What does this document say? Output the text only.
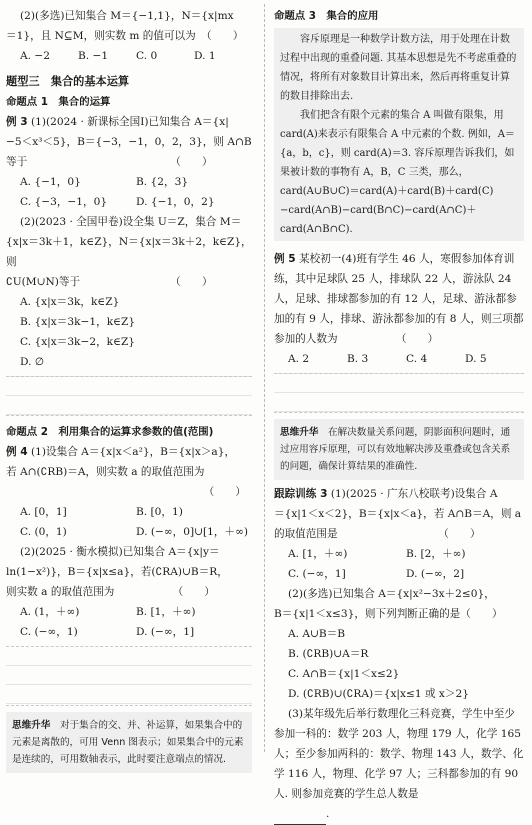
(2)(多选)已知集合 M＝{−1,1}，N＝{x|mx

＝1}，且 N⊆M，则实数 m 的值可以为　（　　）

A. −2	B. −1	C. 0	D. 1

题型三　集合的基本运算

命题点 1　集合的运算

例 3 (1)(2024 · 新课标全国Ⅰ)已知集合 A＝{x|

−5＜x³＜5}，B＝{−3，−1，0，2，3}，则 A∩B

等于　　　　　　　　　　　　　　（　　）

A. {−1，0}	B. {2，3}
C. {−3，−1，0}	D. {−1，0，2}

(2)(2023 · 全国甲卷)设全集 U＝Z，集合 M＝

{x|x＝3k＋1，k∈Z}，N＝{x|x＝3k＋2，k∈Z}，则

∁U(M∪N)等于　　　　　　　　　（　　）

A. {x|x＝3k，k∈Z}
B. {x|x＝3k−1，k∈Z}
C. {x|x＝3k−2，k∈Z}
D. ∅

命题点 2　利用集合的运算求参数的值(范围)

例 4 (1)设集合 A＝{x|x＜a²}，B＝{x|x＞a}，

若 A∩(∁RB)＝A，则实数 a 的取值范围为

（　　）

A. [0，1]	B. [0，1)
C. (0，1)	D. (−∞，0]∪[1，＋∞)

(2)(2025 · 衡水模拟)已知集合 A＝{x|y＝

ln(1−x²)}，B＝{x|x≤a}，若(∁RA)∪B＝R，

则实数 a 的取值范围为　　　　　　（　　）

A. (1，＋∞)	B. [1，＋∞)
C. (−∞，1)	D. (−∞，1]
思维升华　 对于集合的交、并、补运算，如果集合中的元素是离散的，可用 Venn 图表示；如果集合中的元素是连续的，可用数轴表示，此时要注意端点的情况.

命题点 3　集合的应用

容斥原理是一种数学计数方法，用于处理在计数过程中出现的重叠问题. 其基本思想是先不考虑重叠的情况，将所有对象数目计算出来，然后再将重复计算的数目排除出去.

我们把含有限个元素的集合 A 叫做有限集，用 card(A)来表示有限集合 A 中元素的个数. 例如，A＝{a，b，c}，则 card(A)＝3. 容斥原理告诉我们，如果被计数的事物有 A，B，C 三类，那么，card(A∪B∪C)＝card(A)＋card(B)＋card(C)−card(A∩B)−card(B∩C)−card(A∩C)＋card(A∩B∩C).

例 5 某校初一(4)班有学生 46 人，寒假参加体育训练，其中足球队 25 人，排球队 22 人，游泳队 24 人，足球、排球都参加的有 12 人，足球、游泳都参加的有 9 人，排球、游泳都参加的有 8 人，则三项都参加的人数为　　　　　　（　　）

A. 2	B. 3	C. 4	D. 5
思维升华　 在解决数量关系问题，阴影面积问题时，通过应用容斥原理，可以有效地解决涉及重叠或包含关系的问题，确保计算结果的准确性.

跟踪训练 3 (1)(2025 · 广东八校联考)设集合 A

＝{x|1＜x＜2}，B＝{x|x＜a}，若 A∩B＝A，则 a

的取值范围是　　　　　　　　　　（　　）

A. [1，＋∞)	B. [2，＋∞)
C. (−∞，1]	D. (−∞，2]

(2)(多选)已知集合 A＝{x|x²−3x＋2≤0}，

B＝{x|1＜x≤3}，则下列判断正确的是（　　）

A. A∪B＝B
B. (∁RB)∪A＝R
C. A∩B＝{x|1＜x≤2}
D. (∁RB)∪(∁RA)＝{x|x≤1 或 x＞2}

(3)某年级先后举行数理化三科竞赛，学生中至少参加一科的：数学 203 人，物理 179 人，化学 165 人；至少参加两科的：数学、物理 143 人，数学、化学 116 人，物理、化学 97 人；三科都参加的有 90 人. 则参加竞赛的学生总人数是

.
